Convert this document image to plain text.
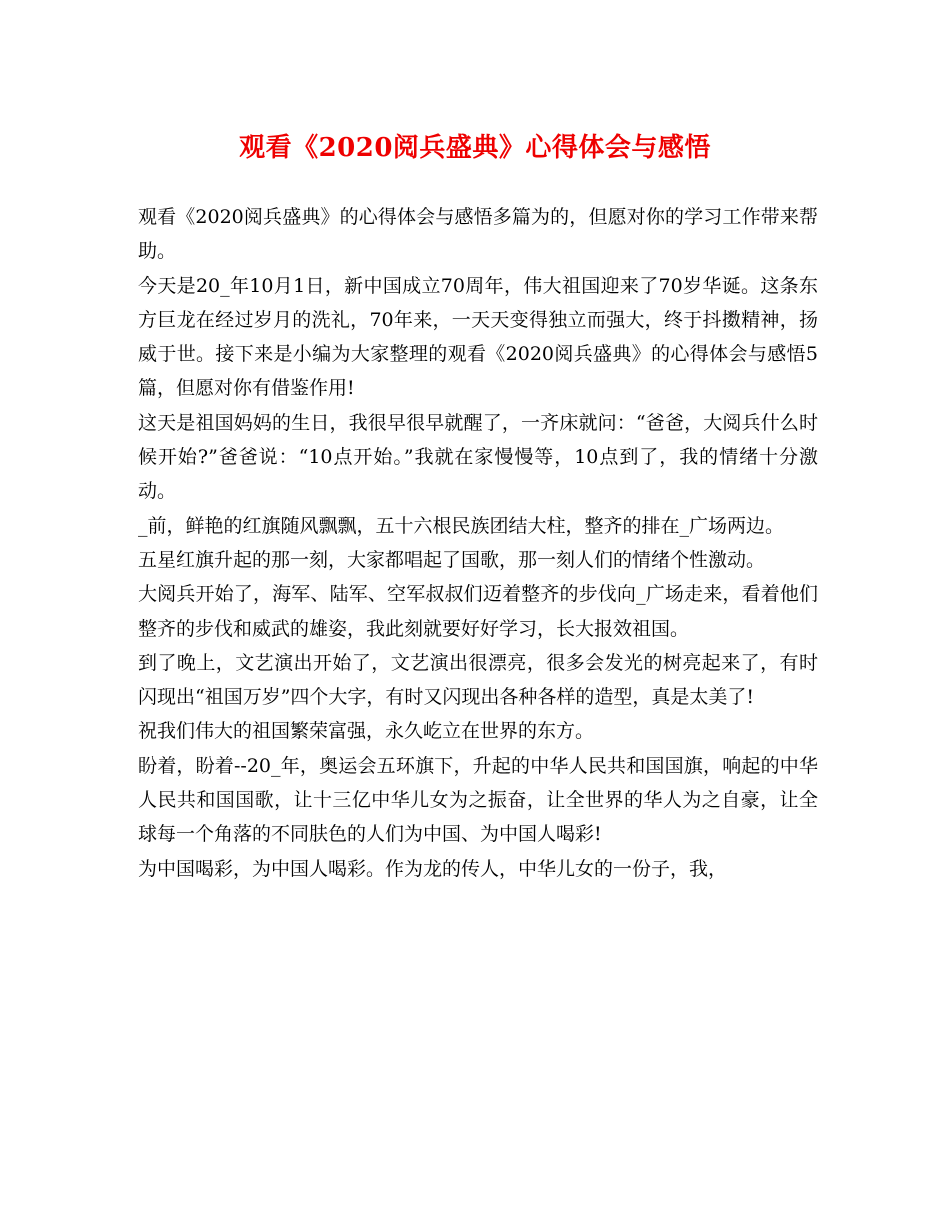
观看《2020阅兵盛典》心得体会与感悟

观看《2020阅兵盛典》的心得体会与感悟多篇为的，但愿对你的学习工作带来帮助。

今天是20_年10月1日，新中国成立70周年，伟大祖国迎来了70岁华诞。这条东方巨龙在经过岁月的洗礼，70年来，一天天变得独立而强大，终于抖擞精神，扬威于世。接下来是小编为大家整理的观看《2020阅兵盛典》的心得体会与感悟5篇，但愿对你有借鉴作用!

这天是祖国妈妈的生日，我很早很早就醒了，一齐床就问：“爸爸，大阅兵什么时候开始?”爸爸说：“10点开始。”我就在家慢慢等，10点到了，我的情绪十分激动。

_前，鲜艳的红旗随风飘飘，五十六根民族团结大柱，整齐的排在_广场两边。

五星红旗升起的那一刻，大家都唱起了国歌，那一刻人们的情绪个性激动。

大阅兵开始了，海军、陆军、空军叔叔们迈着整齐的步伐向_广场走来，看着他们整齐的步伐和威武的雄姿，我此刻就要好好学习，长大报效祖国。

到了晚上，文艺演出开始了，文艺演出很漂亮，很多会发光的树亮起来了，有时闪现出“祖国万岁”四个大字，有时又闪现出各种各样的造型，真是太美了!

祝我们伟大的祖国繁荣富强，永久屹立在世界的东方。

盼着，盼着--20_年，奥运会五环旗下，升起的中华人民共和国国旗，响起的中华人民共和国国歌，让十三亿中华儿女为之振奋，让全世界的华人为之自豪，让全球每一个角落的不同肤色的人们为中国、为中国人喝彩!

为中国喝彩，为中国人喝彩。作为龙的传人，中华儿女的一份子，我，
